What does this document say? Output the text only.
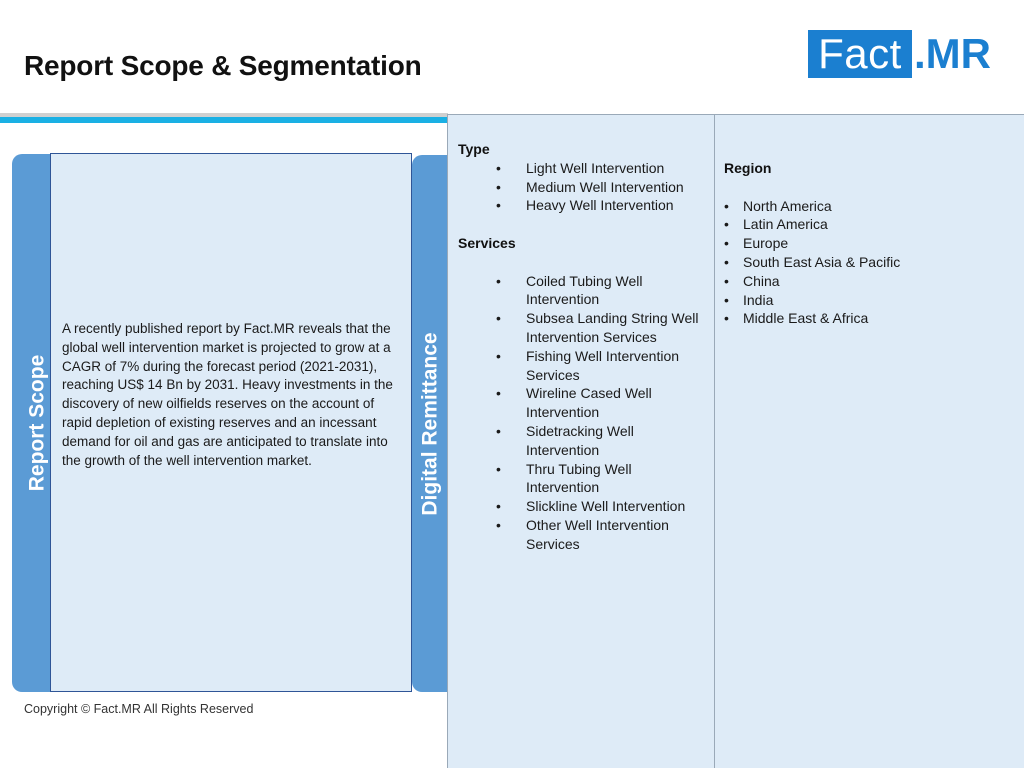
Report Scope & Segmentation	Fact .MR
Report Scope

A recently published report by Fact.MR reveals that the global well intervention market is projected to grow at a CAGR of 7% during the forecast period (2021-2031), reaching US$ 14 Bn by 2031. Heavy investments in the discovery of new oilfields reserves on the account of rapid depletion of existing reserves and an incessant demand for oil and gas are anticipated to translate into the growth of the well intervention market.	Digital Remittance
Copyright © Fact.MR All Rights Reserved
Type
• Light Well Intervention
• Medium Well Intervention
• Heavy Well Intervention
Services
• Coiled Tubing Well Intervention
• Subsea Landing String Well Intervention Services
• Fishing Well Intervention Services
• Wireline Cased Well Intervention
• Sidetracking Well Intervention
• Thru Tubing Well Intervention
• Slickline Well Intervention
• Other Well Intervention Services
Region
• North America
• Latin America
• Europe
• South East Asia & Pacific
• China
• India
• Middle East & Africa
